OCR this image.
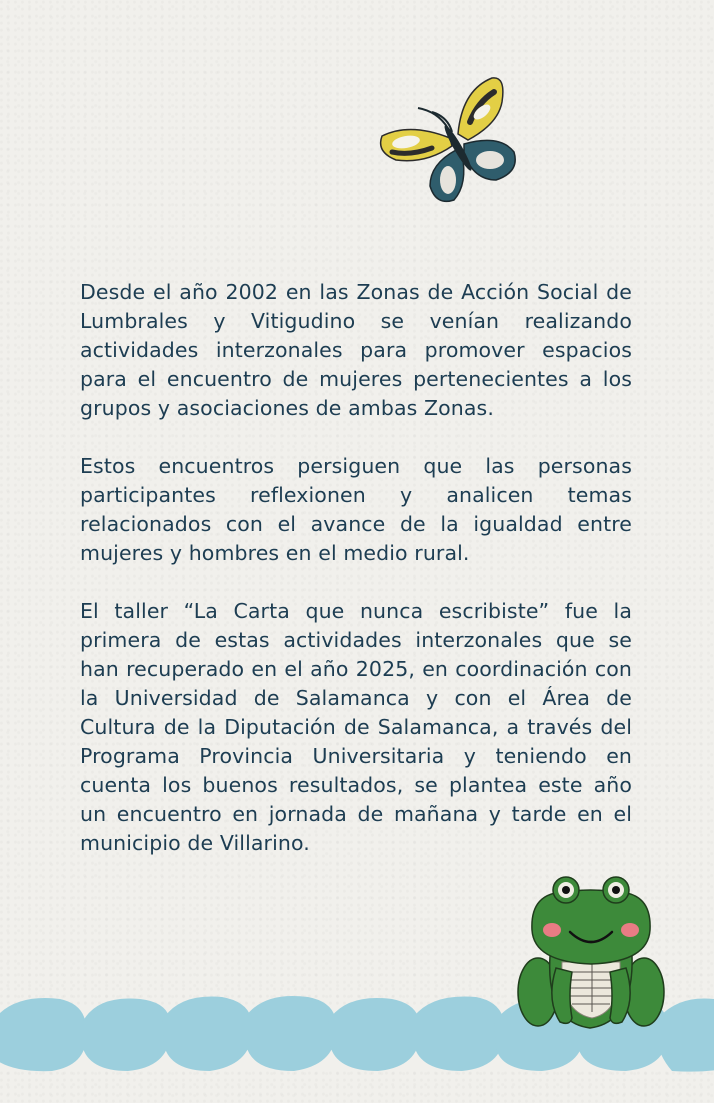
Desde el año 2002 en las Zonas de Acción Social de Lumbrales y Vitigudino se venían realizando actividades interzonales para promover espacios para el encuentro de mujeres pertenecientes a los grupos y asociaciones de ambas Zonas.

Estos encuentros persiguen que las personas participantes reflexionen y analicen temas relacionados con el avance de la igualdad entre mujeres y hombres en el medio rural.

El taller “La Carta que nunca escribiste” fue la primera de estas actividades interzonales que se han recuperado en el año 2025, en coordinación con la Universidad de Salamanca y con el Área de Cultura de la Diputación de Salamanca, a través del Programa Provincia Universitaria y teniendo en cuenta los buenos resultados, se plantea este año un encuentro en jornada de mañana y tarde en el municipio de Villarino.
